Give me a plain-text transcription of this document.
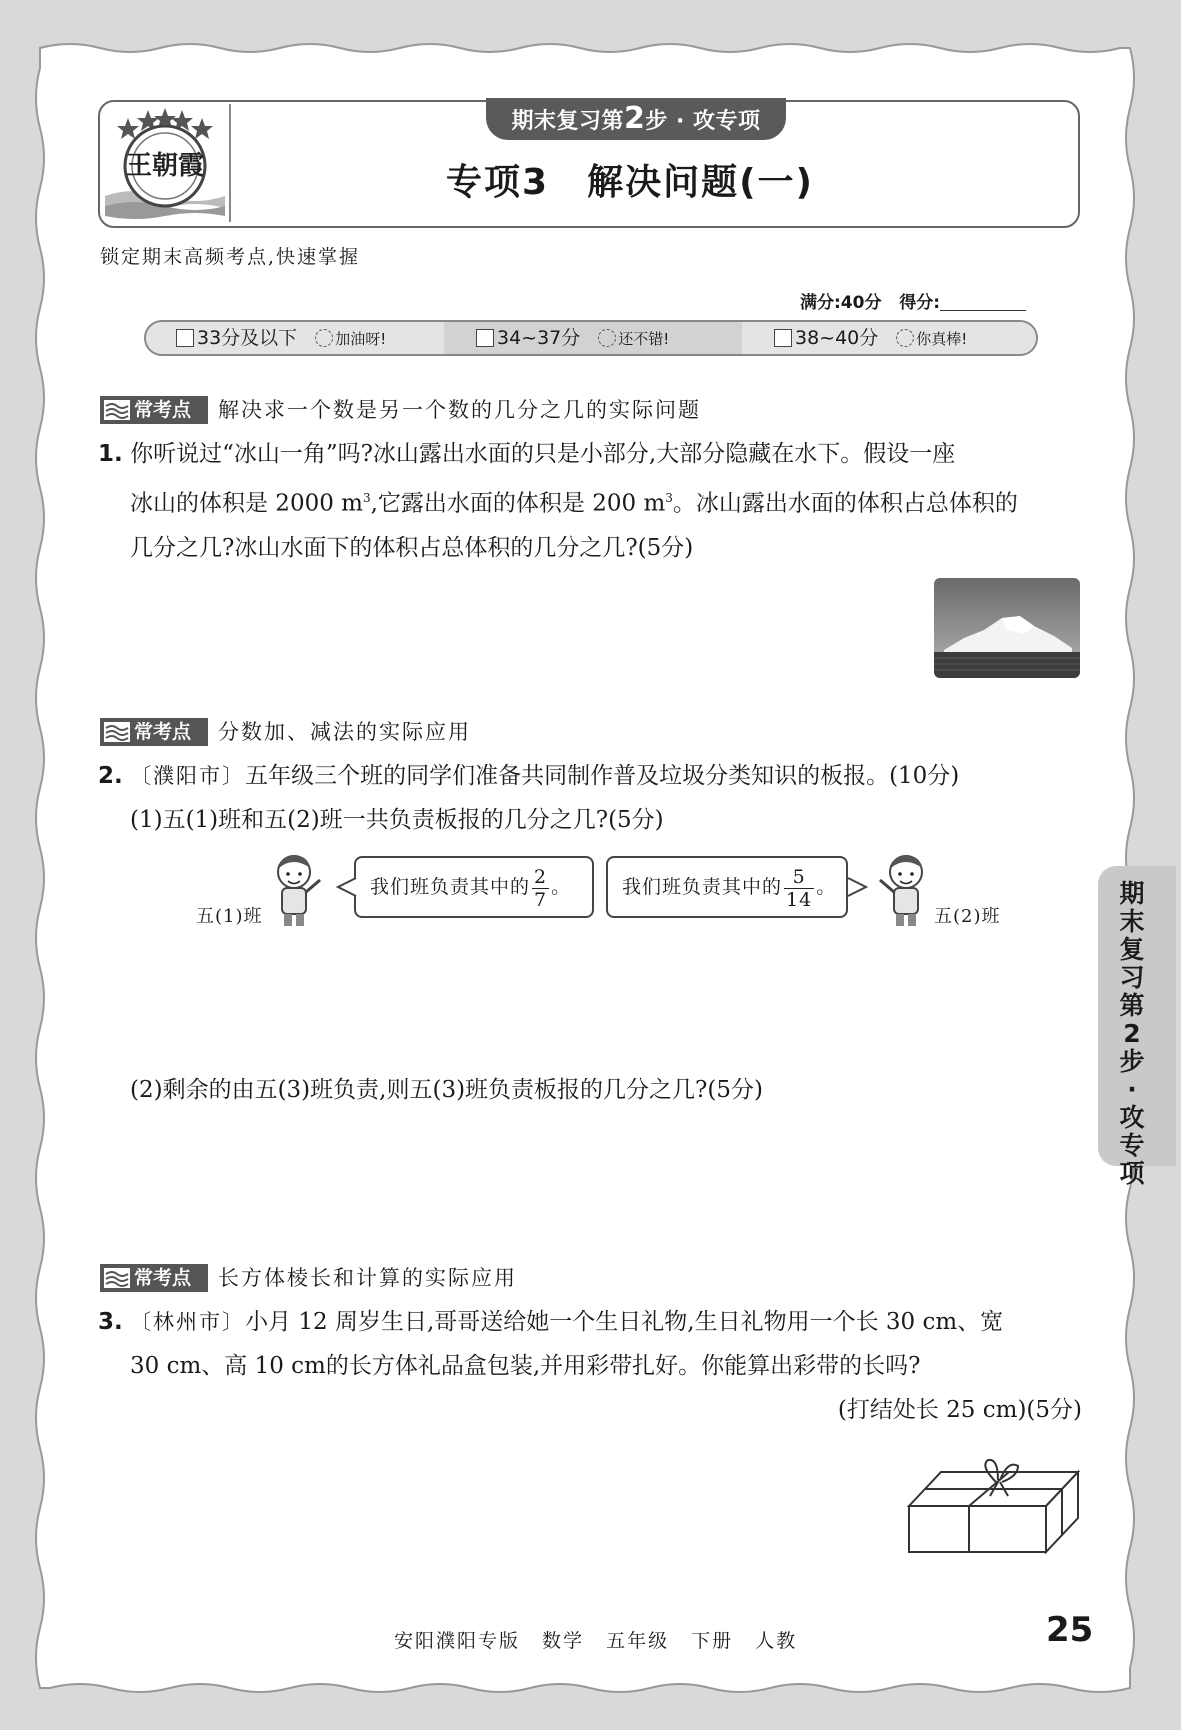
王朝霞
期末复习第2步 · 攻专项
专项3　解决问题(一)
锁定期末高频考点,快速掌握
满分:40分 得分:
33分及以下	加油呀!	34~37分	还不错!	38~40分	你真棒!
常考点 解决求一个数是另一个数的几分之几的实际问题
1. 你听说过“冰山一角”吗?冰山露出水面的只是小部分,大部分隐藏在水下。假设一座
冰山的体积是 2000 $m^3$,它露出水面的体积是 200 $m^3$。冰山露出水面的体积占总体积的
几分之几?冰山水面下的体积占总体积的几分之几?(5分)
常考点 分数加、减法的实际应用
2. 〔濮阳市〕五年级三个班的同学们准备共同制作普及垃圾分类知识的板报。(10分)
(1)五(1)班和五(2)班一共负责板报的几分之几?(5分)
五(1)班
我们班负责其中的 $\frac{2}{7}$ 。	我们班负责其中的 $\frac{5}{14}$ 。
五(2)班
(2)剩余的由五(3)班负责,则五(3)班负责板报的几分之几?(5分)
期
末
复
习
第
2
步
·
攻
专
项
常考点 长方体棱长和计算的实际应用
3. 〔林州市〕小月 12 周岁生日,哥哥送给她一个生日礼物,生日礼物用一个长 30 cm、宽
30 cm、高 10 cm的长方体礼品盒包装,并用彩带扎好。你能算出彩带的长吗?
(打结处长 25 cm)(5分)
安阳濮阳专版 数学 五年级 下册 人教	25
